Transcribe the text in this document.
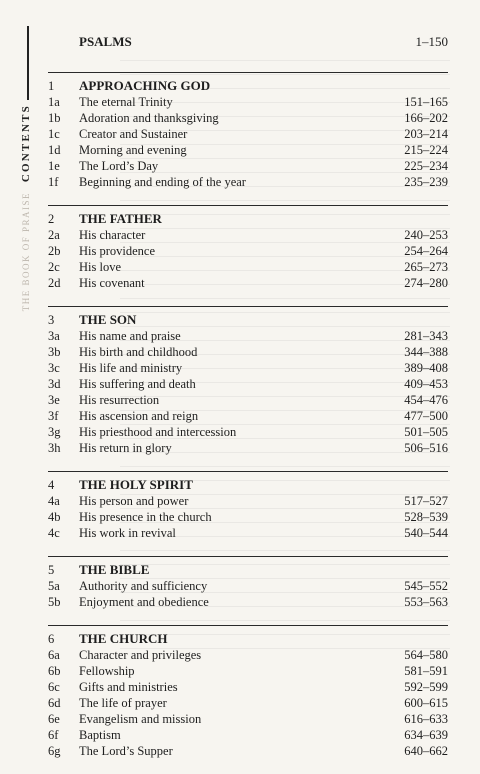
CONTENTS
THE BOOK OF PRAISE
PSALMS	1–150
1	APPROACHING GOD
1a	The eternal Trinity	151–165
1b	Adoration and thanksgiving	166–202
1c	Creator and Sustainer	203–214
1d	Morning and evening	215–224
1e	The Lord’s Day	225–234
1f	Beginning and ending of the year	235–239
2	THE FATHER
2a	His character	240–253
2b	His providence	254–264
2c	His love	265–273
2d	His covenant	274–280
3	THE SON
3a	His name and praise	281–343
3b	His birth and childhood	344–388
3c	His life and ministry	389–408
3d	His suffering and death	409–453
3e	His resurrection	454–476
3f	His ascension and reign	477–500
3g	His priesthood and intercession	501–505
3h	His return in glory	506–516
4	THE HOLY SPIRIT
4a	His person and power	517–527
4b	His presence in the church	528–539
4c	His work in revival	540–544
5	THE BIBLE
5a	Authority and sufficiency	545–552
5b	Enjoyment and obedience	553–563
6	THE CHURCH
6a	Character and privileges	564–580
6b	Fellowship	581–591
6c	Gifts and ministries	592–599
6d	The life of prayer	600–615
6e	Evangelism and mission	616–633
6f	Baptism	634–639
6g	The Lord’s Supper	640–662
